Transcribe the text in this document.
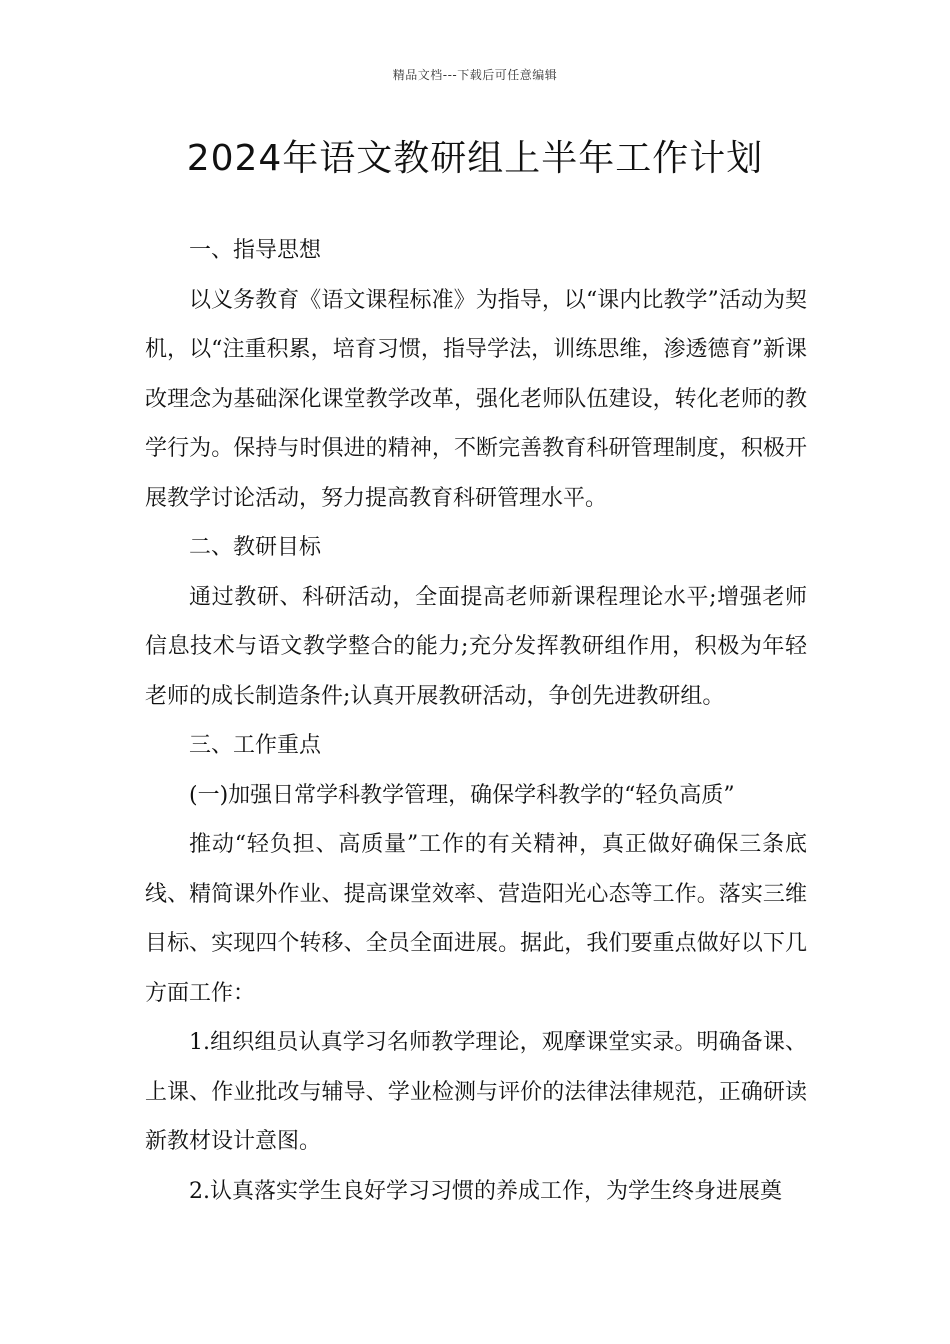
精品文档---下载后可任意编辑
2024年语文教研组上半年工作计划

一、指导思想

以义务教育《语文课程标准》为指导，以“课内比教学”活动为契机，以“注重积累，培育习惯，指导学法，训练思维，渗透德育”新课改理念为基础深化课堂教学改革，强化老师队伍建设，转化老师的教学行为。保持与时俱进的精神，不断完善教育科研管理制度，积极开展教学讨论活动，努力提高教育科研管理水平。

二、教研目标

通过教研、科研活动，全面提高老师新课程理论水平;增强老师信息技术与语文教学整合的能力;充分发挥教研组作用，积极为年轻老师的成长制造条件;认真开展教研活动，争创先进教研组。

三、工作重点

(一)加强日常学科教学管理，确保学科教学的“轻负高质”

推动“轻负担、高质量”工作的有关精神，真正做好确保三条底线、精简课外作业、提高课堂效率、营造阳光心态等工作。落实三维目标、实现四个转移、全员全面进展。据此，我们要重点做好以下几方面工作：

1.组织组员认真学习名师教学理论，观摩课堂实录。明确备课、上课、作业批改与辅导、学业检测与评价的法律法律规范，正确研读新教材设计意图。

2.认真落实学生良好学习习惯的养成工作，为学生终身进展奠
